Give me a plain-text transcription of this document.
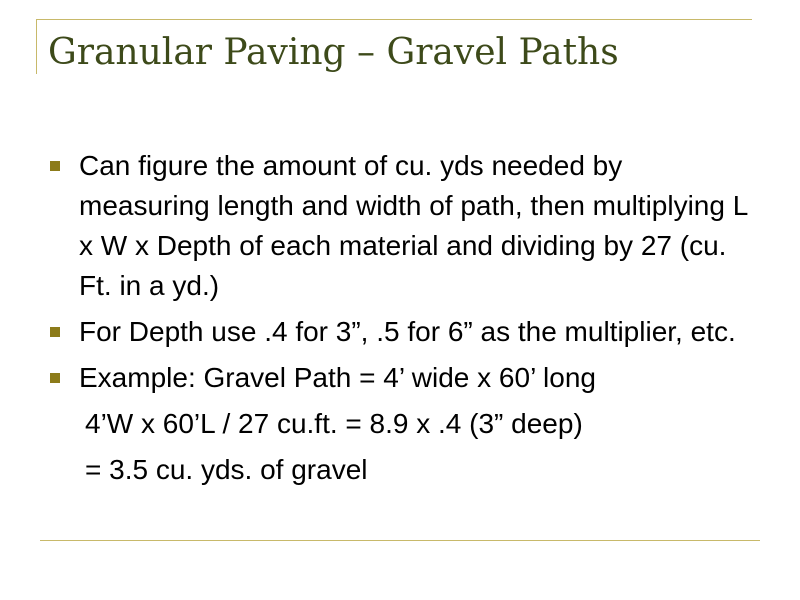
Granular Paving – Gravel Paths
Can figure the amount of cu. yds needed by measuring length and width of path, then multiplying L x W x Depth of each material and dividing by 27 (cu. Ft. in a yd.)
For Depth use .4 for 3”, .5 for 6” as the multiplier, etc.
Example: Gravel Path = 4’ wide x 60’ long
4’W x 60’L / 27 cu.ft. = 8.9 x .4 (3” deep)
= 3.5 cu. yds. of gravel
